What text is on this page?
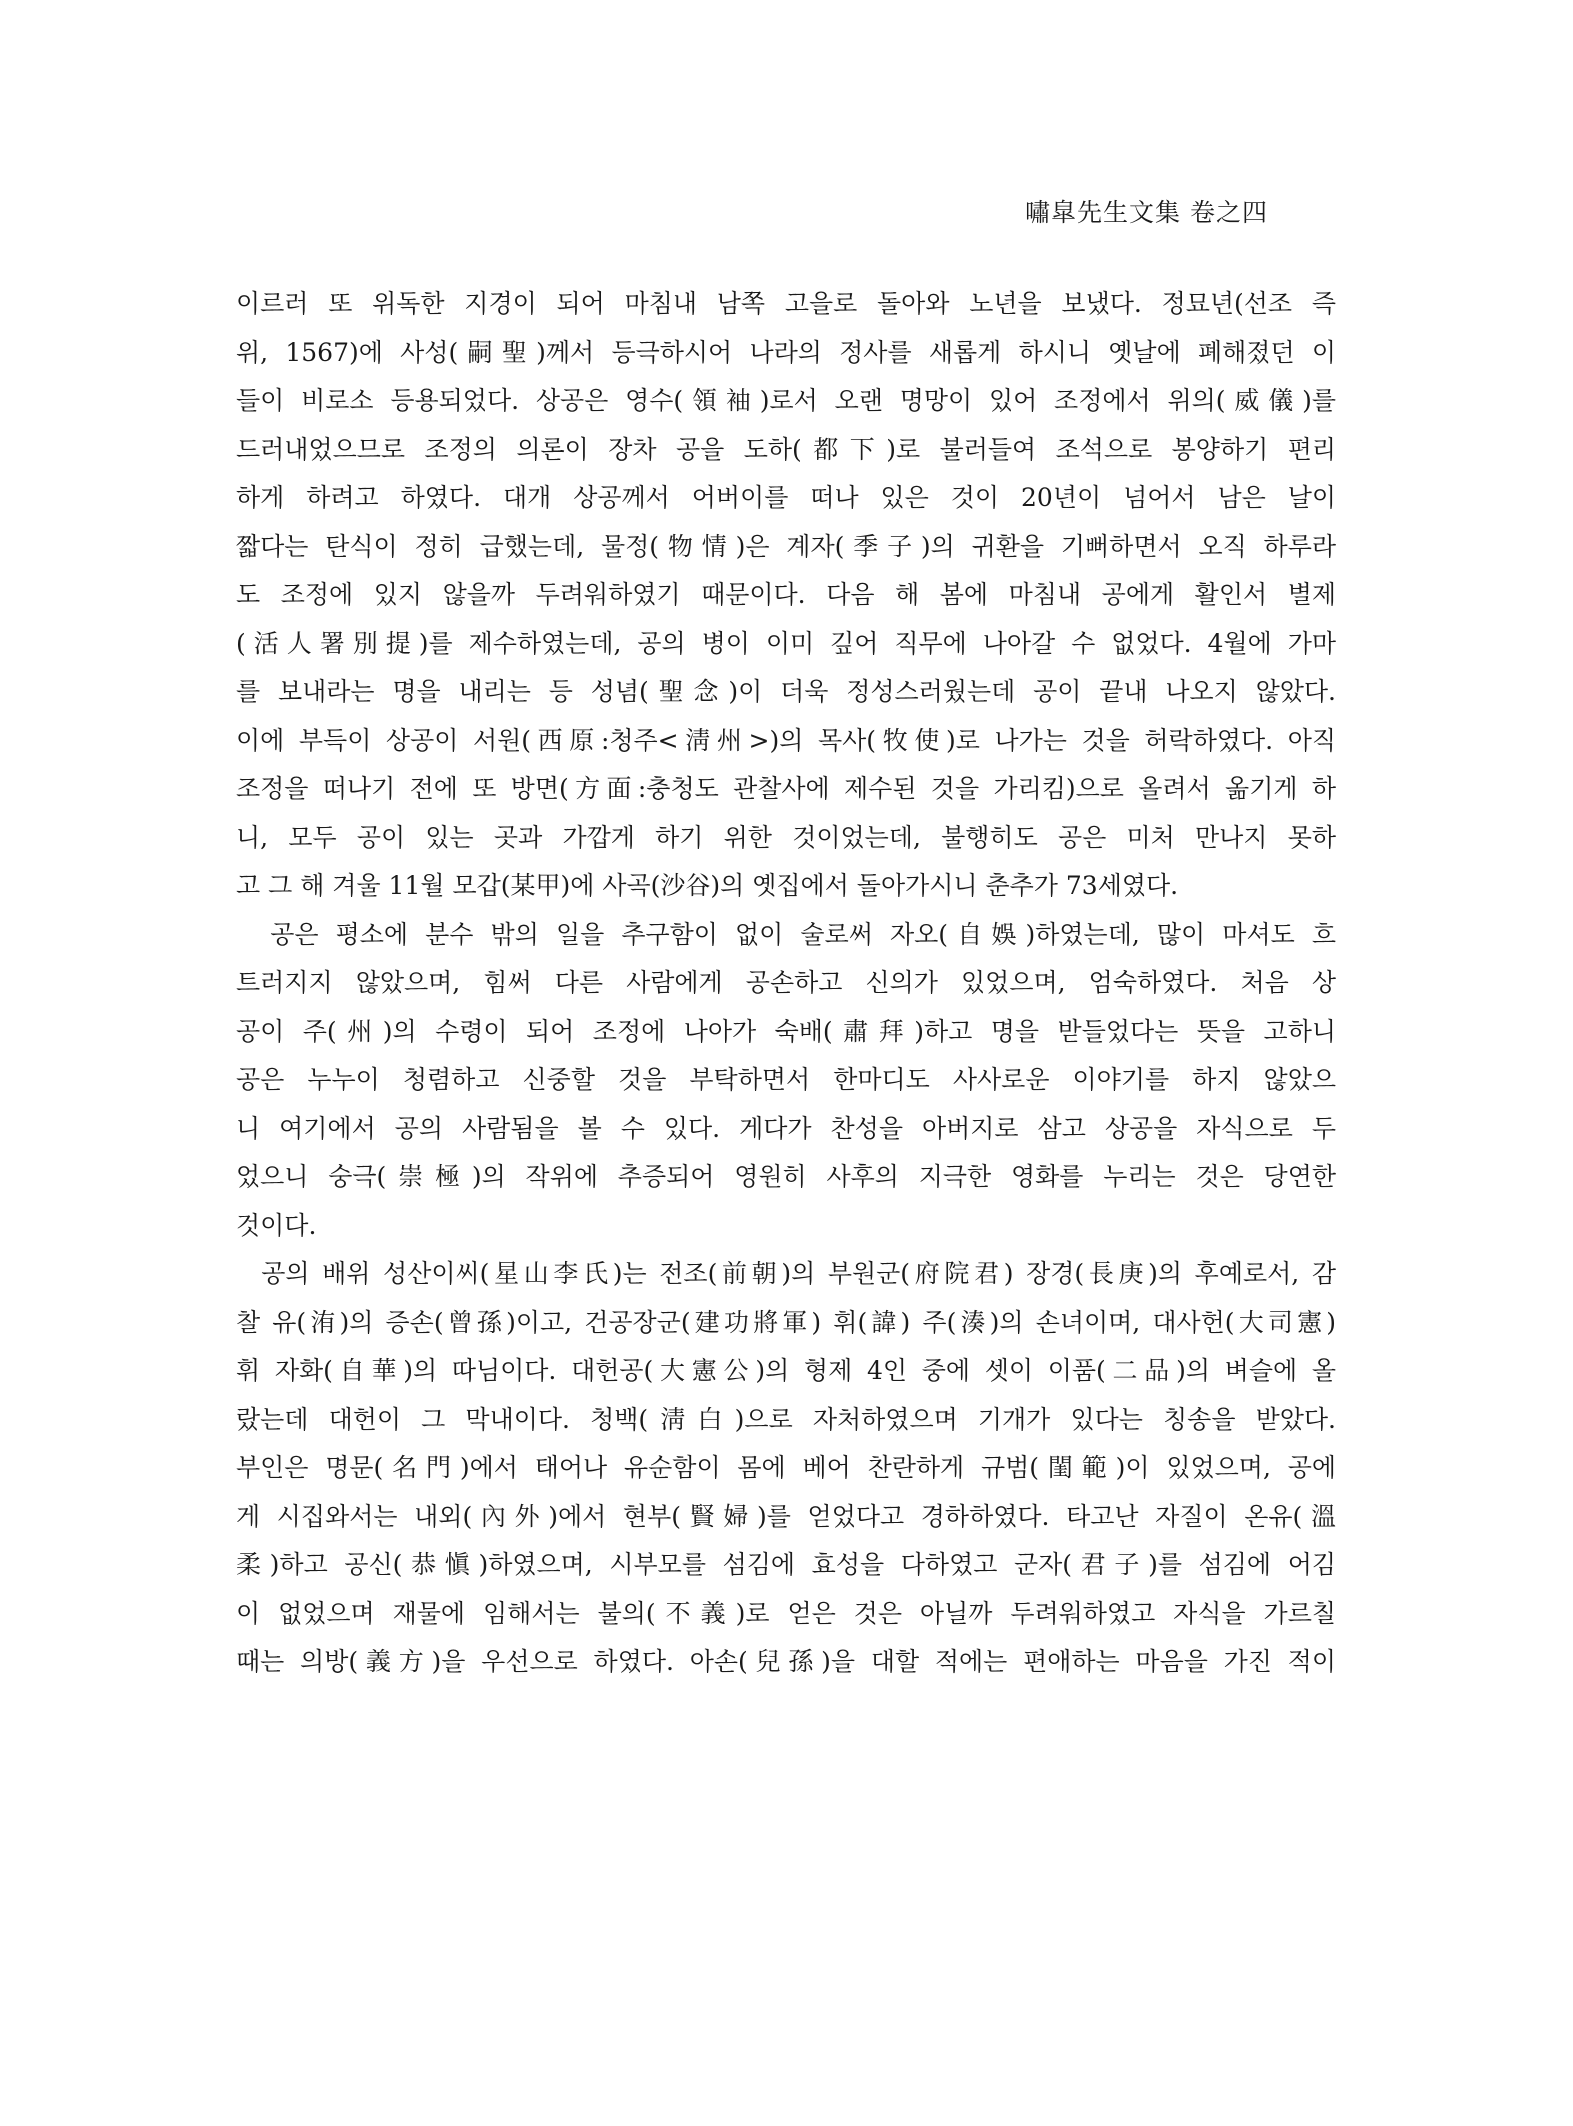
嘯皐先生文集 卷之四
이르러 또 위독한 지경이 되어 마침내 남쪽 고을로 돌아와 노년을 보냈다. 정묘년(선조 즉
위, 1567)에 사성(嗣聖)께서 등극하시어 나라의 정사를 새롭게 하시니 옛날에 폐해졌던 이
들이 비로소 등용되었다. 상공은 영수(領袖)로서 오랜 명망이 있어 조정에서 위의(威儀)를
드러내었으므로 조정의 의론이 장차 공을 도하(都下)로 불러들여 조석으로 봉양하기 편리
하게 하려고 하였다. 대개 상공께서 어버이를 떠나 있은 것이 20년이 넘어서 남은 날이
짧다는 탄식이 정히 급했는데, 물정(物情)은 계자(季子)의 귀환을 기뻐하면서 오직 하루라
도 조정에 있지 않을까 두려워하였기 때문이다. 다음 해 봄에 마침내 공에게 활인서 별제
(活人署別提)를 제수하였는데, 공의 병이 이미 깊어 직무에 나아갈 수 없었다. 4월에 가마
를 보내라는 명을 내리는 등 성념(聖念)이 더욱 정성스러웠는데 공이 끝내 나오지 않았다.
이에 부득이 상공이 서원(西原:청주<淸州>)의 목사(牧使)로 나가는 것을 허락하였다. 아직
조정을 떠나기 전에 또 방면(方面:충청도 관찰사에 제수된 것을 가리킴)으로 올려서 옮기게 하
니, 모두 공이 있는 곳과 가깝게 하기 위한 것이었는데, 불행히도 공은 미처 만나지 못하
고 그 해 겨울 11월 모갑(某甲)에 사곡(沙谷)의 옛집에서 돌아가시니 춘추가 73세였다.
공은 평소에 분수 밖의 일을 추구함이 없이 술로써 자오(自娛)하였는데, 많이 마셔도 흐
트러지지 않았으며, 힘써 다른 사람에게 공손하고 신의가 있었으며, 엄숙하였다. 처음 상
공이 주(州)의 수령이 되어 조정에 나아가 숙배(肅拜)하고 명을 받들었다는 뜻을 고하니
공은 누누이 청렴하고 신중할 것을 부탁하면서 한마디도 사사로운 이야기를 하지 않았으
니 여기에서 공의 사람됨을 볼 수 있다. 게다가 찬성을 아버지로 삼고 상공을 자식으로 두
었으니 숭극(崇極)의 작위에 추증되어 영원히 사후의 지극한 영화를 누리는 것은 당연한
것이다.
공의 배위 성산이씨(星山李氏)는 전조(前朝)의 부원군(府院君) 장경(長庚)의 후예로서, 감
찰 유(洧)의 증손(曾孫)이고, 건공장군(建功將軍) 휘(諱) 주(湊)의 손녀이며, 대사헌(大司憲)
휘 자화(自華)의 따님이다. 대헌공(大憲公)의 형제 4인 중에 셋이 이품(二品)의 벼슬에 올
랐는데 대헌이 그 막내이다. 청백(淸白)으로 자처하였으며 기개가 있다는 칭송을 받았다.
부인은 명문(名門)에서 태어나 유순함이 몸에 베어 찬란하게 규범(閨範)이 있었으며, 공에
게 시집와서는 내외(內外)에서 현부(賢婦)를 얻었다고 경하하였다. 타고난 자질이 온유(溫
柔)하고 공신(恭愼)하였으며, 시부모를 섬김에 효성을 다하였고 군자(君子)를 섬김에 어김
이 없었으며 재물에 임해서는 불의(不義)로 얻은 것은 아닐까 두려워하였고 자식을 가르칠
때는 의방(義方)을 우선으로 하였다. 아손(兒孫)을 대할 적에는 편애하는 마음을 가진 적이
